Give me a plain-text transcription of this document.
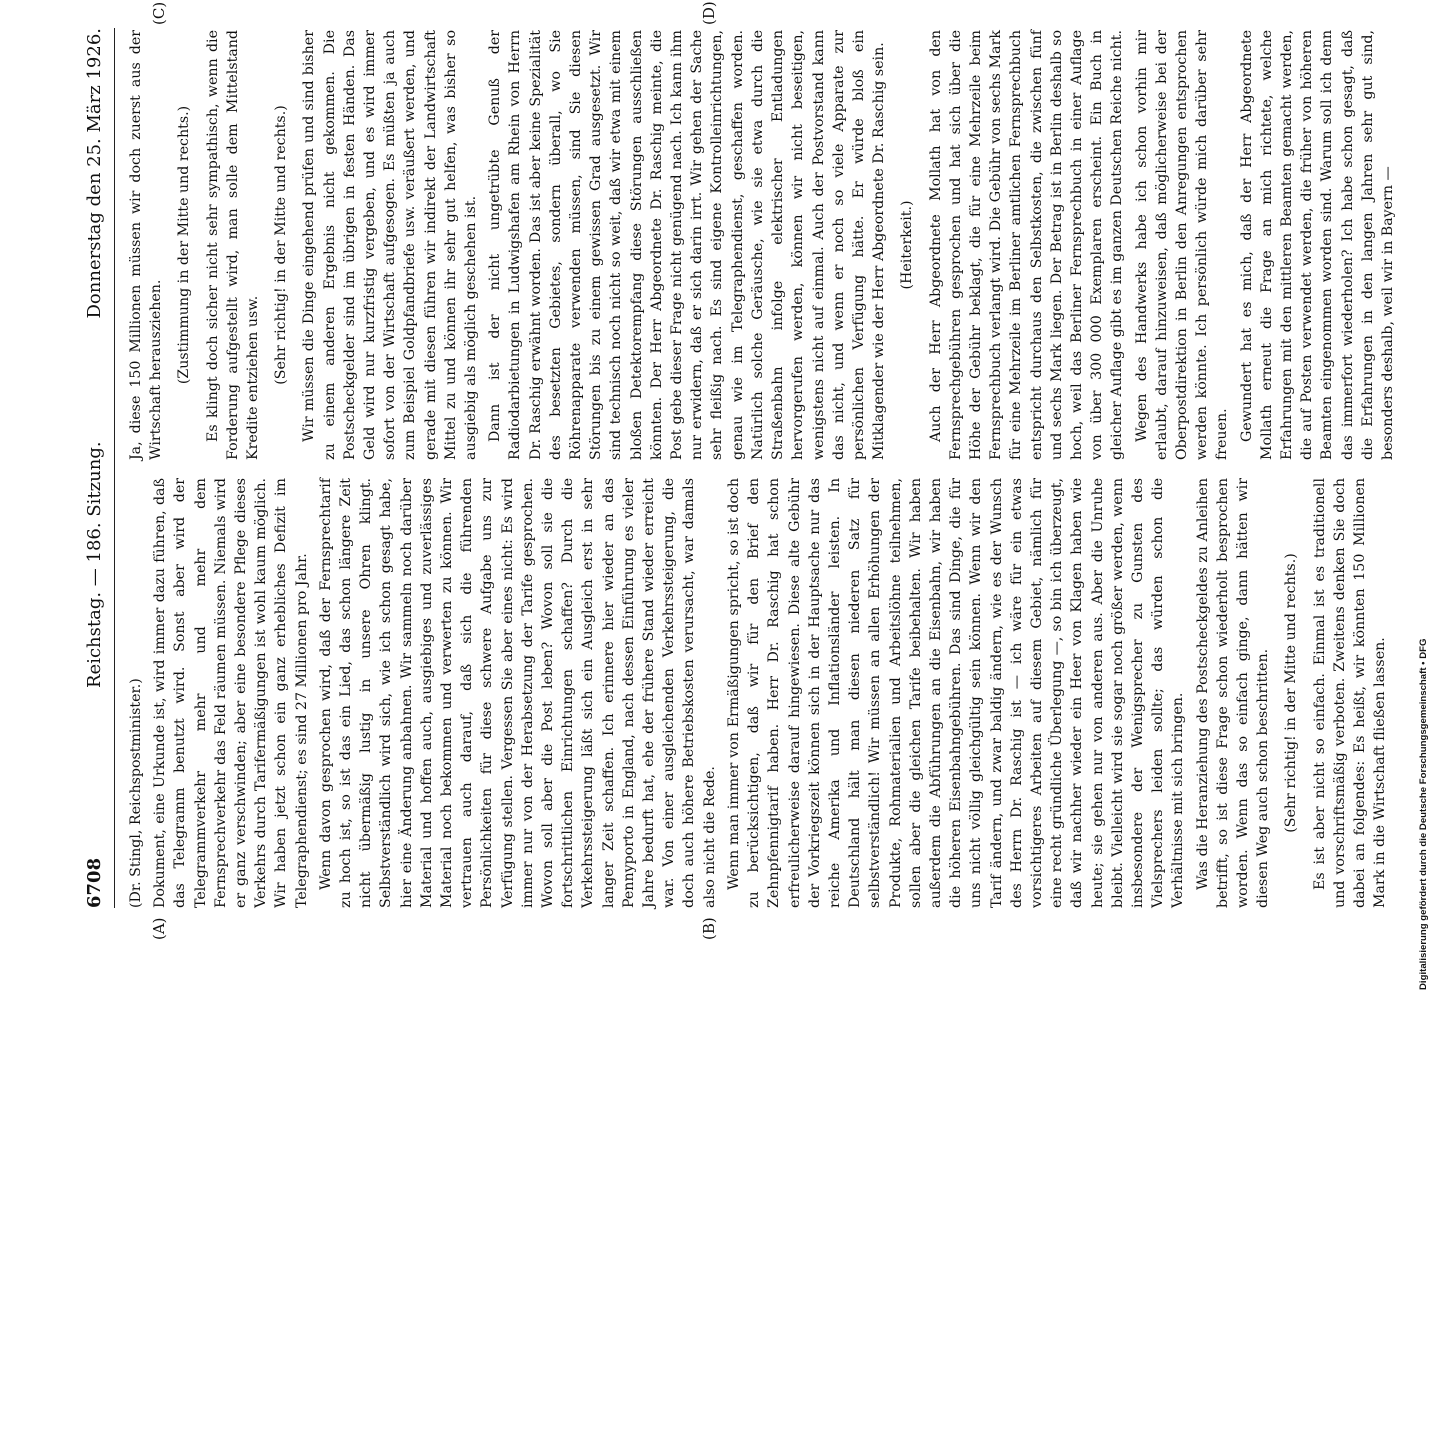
6708
Reichstag. — 186. Sitzung.
Donnerstag den 25. März 1926.
(A)	(B)
(C)	(D)

(Dr. Stingl, Reichspostminister.) Dokument, eine Urkunde ist, wird immer dazu führen, daß das Telegramm benutzt wird. Sonst aber wird der Telegrammverkehr mehr und mehr dem Fernsprechverkehr das Feld räumen müssen. Niemals wird er ganz verschwinden; aber eine besondere Pflege dieses Verkehrs durch Tarifermäßigungen ist wohl kaum möglich. Wir haben jetzt schon ein ganz erhebliches Defizit im Telegraphendienst; es sind 27 Millionen pro Jahr. Wenn davon gesprochen wird, daß der Fernsprechtarif zu hoch ist, so ist das ein Lied, das schon längere Zeit nicht übermäßig lustig in unsere Ohren klingt. Selbstverständlich wird sich, wie ich schon gesagt habe, hier eine Änderung anbahnen. Wir sammeln noch darüber Material und hoffen auch, ausgiebiges und zuverlässiges Material noch bekommen und verwerten zu können. Wir vertrauen auch darauf, daß sich die führenden Persönlichkeiten für diese schwere Aufgabe uns zur Verfügung stellen. Vergessen Sie aber eines nicht: Es wird immer nur von der Herabsetzung der Tarife gesprochen. Wovon soll aber die Post leben? Wovon soll sie die fortschrittlichen Einrichtungen schaffen? Durch die Verkehrssteigerung läßt sich ein Ausgleich erst in sehr langer Zeit schaffen. Ich erinnere hier wieder an das Pennyporto in England, nach dessen Einführung es vieler Jahre bedurft hat, ehe der frühere Stand wieder erreicht war. Von einer ausgleichenden Verkehrssteigerung, die doch auch höhere Betriebskosten verursacht, war damals also nicht die Rede. Wenn man immer von Ermäßigungen spricht, so ist doch zu berücksichtigen, daß wir für den Brief den Zehnpfennigtarif haben. Herr Dr. Raschig hat schon erfreulicherweise darauf hingewiesen. Diese alte Gebühr der Vorkriegszeit können sich in der Hauptsache nur das reiche Amerika und Inflationsländer leisten. In Deutschland hält man diesen niederen Satz für selbstverständlich! Wir müssen an allen Erhöhungen der Produkte, Rohmaterialien und Arbeitslöhne teilnehmen, sollen aber die gleichen Tarife beibehalten. Wir haben außerdem die Abführungen an die Eisenbahn, wir haben die höheren Eisenbahngebühren. Das sind Dinge, die für uns nicht völlig gleichgültig sein können. Wenn wir den Tarif ändern, und zwar baldig ändern, wie es der Wunsch des Herrn Dr. Raschig ist — ich wäre für ein etwas vorsichtigeres Arbeiten auf diesem Gebiet, nämlich für eine recht gründliche Überlegung —, so bin ich überzeugt, daß wir nachher wieder ein Heer von Klagen haben wie heute; sie gehen nur von anderen aus. Aber die Unruhe bleibt. Vielleicht wird sie sogar noch größer werden, wenn insbesondere der Wenigsprecher zu Gunsten des Vielsprechers leiden sollte; das würden schon die Verhältnisse mit sich bringen. Was die Heranziehung des Postscheckgeldes zu Anleihen betrifft, so ist diese Frage schon wiederholt besprochen worden. Wenn das so einfach ginge, dann hätten wir diesen Weg auch schon beschritten. (Sehr richtig! in der Mitte und rechts.) Es ist aber nicht so einfach. Einmal ist es traditionell und vorschriftsmäßig verboten. Zweitens denken Sie doch dabei an folgendes: Es heißt, wir könnten 150 Millionen Mark in die Wirtschaft fließen lassen.

Ja, diese 150 Millionen müssen wir doch zuerst aus der Wirtschaft herausziehen. (Zustimmung in der Mitte und rechts.) Es klingt doch sicher nicht sehr sympathisch, wenn die Forderung aufgestellt wird, man solle dem Mittelstand Kredite entziehen usw. (Sehr richtig! in der Mitte und rechts.) Wir müssen die Dinge eingehend prüfen und sind bisher zu einem anderen Ergebnis nicht gekommen. Die Postscheckgelder sind im übrigen in festen Händen. Das Geld wird nur kurzfristig vergeben, und es wird immer sofort von der Wirtschaft aufgesogen. Es müßten ja auch zum Beispiel Goldpfandbriefe usw. veräußert werden, und gerade mit diesen führen wir indirekt der Landwirtschaft Mittel zu und können ihr sehr gut helfen, was bisher so ausgiebig als möglich geschehen ist. Dann ist der nicht ungetrübte Genuß der Radiodarbietungen in Ludwigshafen am Rhein von Herrn Dr. Raschig erwähnt worden. Das ist aber keine Spezialität des besetzten Gebietes, sondern überall, wo Sie Röhrenapparate verwenden müssen, sind Sie diesen Störungen bis zu einem gewissen Grad ausgesetzt. Wir sind technisch noch nicht so weit, daß wir etwa mit einem bloßen Detektorempfang diese Störungen ausschließen könnten. Der Herr Abgeordnete Dr. Raschig meinte, die Post gebe dieser Frage nicht genügend nach. Ich kann ihm nur erwidern, daß er sich darin irrt. Wir gehen der Sache sehr fleißig nach. Es sind eigene Kontrolleinrichtungen, genau wie im Telegraphendienst, geschaffen worden. Natürlich solche Geräusche, wie sie etwa durch die Straßenbahn infolge elektrischer Entladungen hervorgerufen werden, können wir nicht beseitigen, wenigstens nicht auf einmal. Auch der Postvorstand kann das nicht, und wenn er noch so viele Apparate zur persönlichen Verfügung hätte. Er würde bloß ein Mitklagender wie der Herr Abgeordnete Dr. Raschig sein. (Heiterkeit.) Auch der Herr Abgeordnete Mollath hat von den Fernsprechgebühren gesprochen und hat sich über die Höhe der Gebühr beklagt, die für eine Mehrzeile beim Fernsprechbuch verlangt wird. Die Gebühr von sechs Mark für eine Mehrzeile im Berliner amtlichen Fernsprechbuch entspricht durchaus den Selbstkosten, die zwischen fünf und sechs Mark liegen. Der Betrag ist in Berlin deshalb so hoch, weil das Berliner Fernsprechbuch in einer Auflage von über 300 000 Exemplaren erscheint. Ein Buch in gleicher Auflage gibt es im ganzen Deutschen Reiche nicht. Wegen des Handwerks habe ich schon vorhin mir erlaubt, darauf hinzuweisen, daß möglicherweise bei der Oberpostdirektion in Berlin den Anregungen entsprochen werden könnte. Ich persönlich würde mich darüber sehr freuen. Gewundert hat es mich, daß der Herr Abgeordnete Mollath erneut die Frage an mich richtete, welche Erfahrungen mit den mittleren Beamten gemacht werden, die auf Posten verwendet werden, die früher von höheren Beamten eingenommen worden sind. Warum soll ich denn das immerfort wiederholen? Ich habe schon gesagt, daß die Erfahrungen in den langen Jahren sehr gut sind, besonders deshalb, weil wir in Bayern —

Digitalisierung gefördert durch die Deutsche Forschungsgemeinschaft • DFG
